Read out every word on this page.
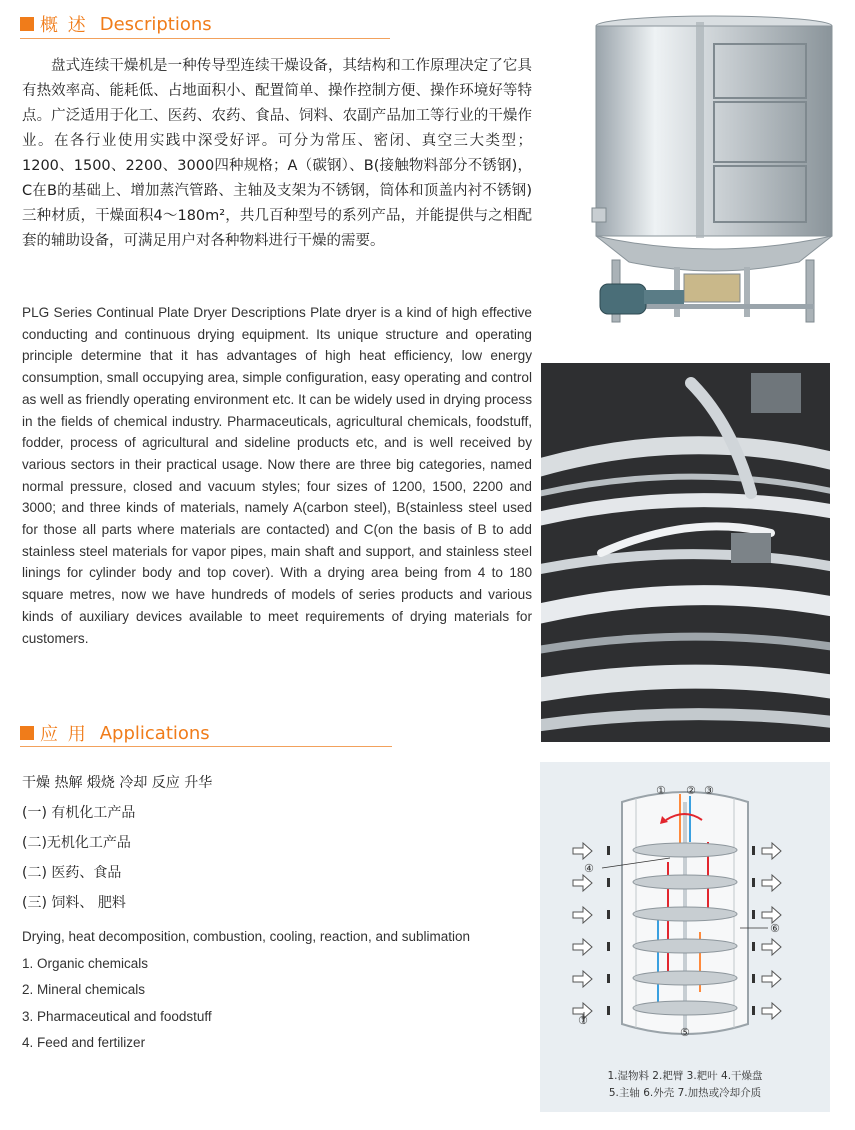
概 述 Descriptions
盘式连续干燥机是一种传导型连续干燥设备，其结构和工作原理决定了它具有热效率高、能耗低、占地面积小、配置简单、操作控制方便、操作环境好等特点。广泛适用于化工、医药、农药、食品、饲料、农副产品加工等行业的干燥作业。在各行业使用实践中深受好评。可分为常压、密闭、真空三大类型；1200、1500、2200、3000四种规格；A（碳钢）、B(接触物料部分不锈钢)，C在B的基础上、增加蒸汽管路、主轴及支架为不锈钢，筒体和顶盖内衬不锈钢)三种材质，干燥面积4～180m²，共几百种型号的系列产品，并能提供与之相配套的辅助设备，可满足用户对各种物料进行干燥的需要。
PLG Series Continual Plate Dryer Descriptions Plate dryer is a kind of high effective conducting and continuous drying equipment. Its unique structure and operating principle determine that it has advantages of high heat efficiency, low energy consumption, small occupying area, simple configuration, easy operating and control as well as friendly operating environment etc. It can be widely used in drying process in the fields of chemical industry. Pharmaceuticals, agricultural chemicals, foodstuff, fodder, process of agricultural and sideline products etc, and is well received by various sectors in their practical usage. Now there are three big categories, named normal pressure, closed and vacuum styles; four sizes of 1200, 1500, 2200 and 3000; and three kinds of materials, namely A(carbon steel), B(stainless steel used for those all parts where materials are contacted) and C(on the basis of B to add stainless steel materials for vapor pipes, main shaft and support, and stainless steel linings for cylinder body and top cover). With a drying area being from 4 to 180 square metres, now we have hundreds of models of series products and various kinds of auxiliary devices available to meet requirements of drying materials for customers.
应 用 Applications
干燥 热解 煅烧 冷却 反应 升华
(一) 有机化工产品
(二)无机化工产品
(二) 医药、食品
(三) 饲料、 肥料
Drying, heat decomposition, combustion, cooling, reaction, and sublimation
1. Organic chemicals
2. Mineral chemicals
3. Pharmaceutical and foodstuff
4. Feed and fertilizer
① ② ③
④
⑤
⑥
⑦
1.湿物料 2.耙臂 3.耙叶 4.干燥盘
5.主轴 6.外壳 7.加热或冷却介质
